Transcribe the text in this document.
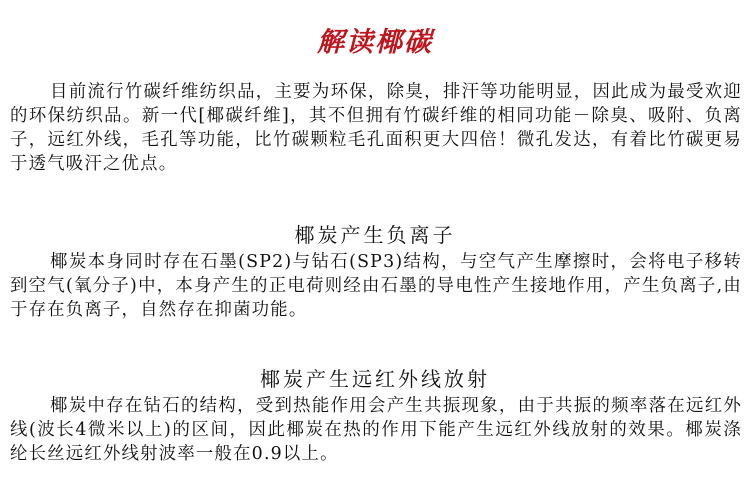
解读椰碳

目前流行竹碳纤维纺织品，主要为环保，除臭，排汗等功能明显，因此成为最受欢迎的环保纺织品。新一代[椰碳纤维]，其不但拥有竹碳纤维的相同功能－除臭、吸附、负离子，远红外线，毛孔等功能，比竹碳颗粒毛孔面积更大四倍！微孔发达，有着比竹碳更易于透气吸汗之优点。

椰炭产生负离子

椰炭本身同时存在石墨(SP2)与钻石(SP3)结构，与空气产生摩擦时，会将电子移转到空气(氧分子)中，本身产生的正电荷则经由石墨的导电性产生接地作用，产生负离子,由于存在负离子，自然存在抑菌功能。

椰炭产生远红外线放射

椰炭中存在钻石的结构，受到热能作用会产生共振现象，由于共振的频率落在远红外线(波长4微米以上)的区间，因此椰炭在热的作用下能产生远红外线放射的效果。椰炭涤纶长丝远红外线射波率一般在0.9以上。
